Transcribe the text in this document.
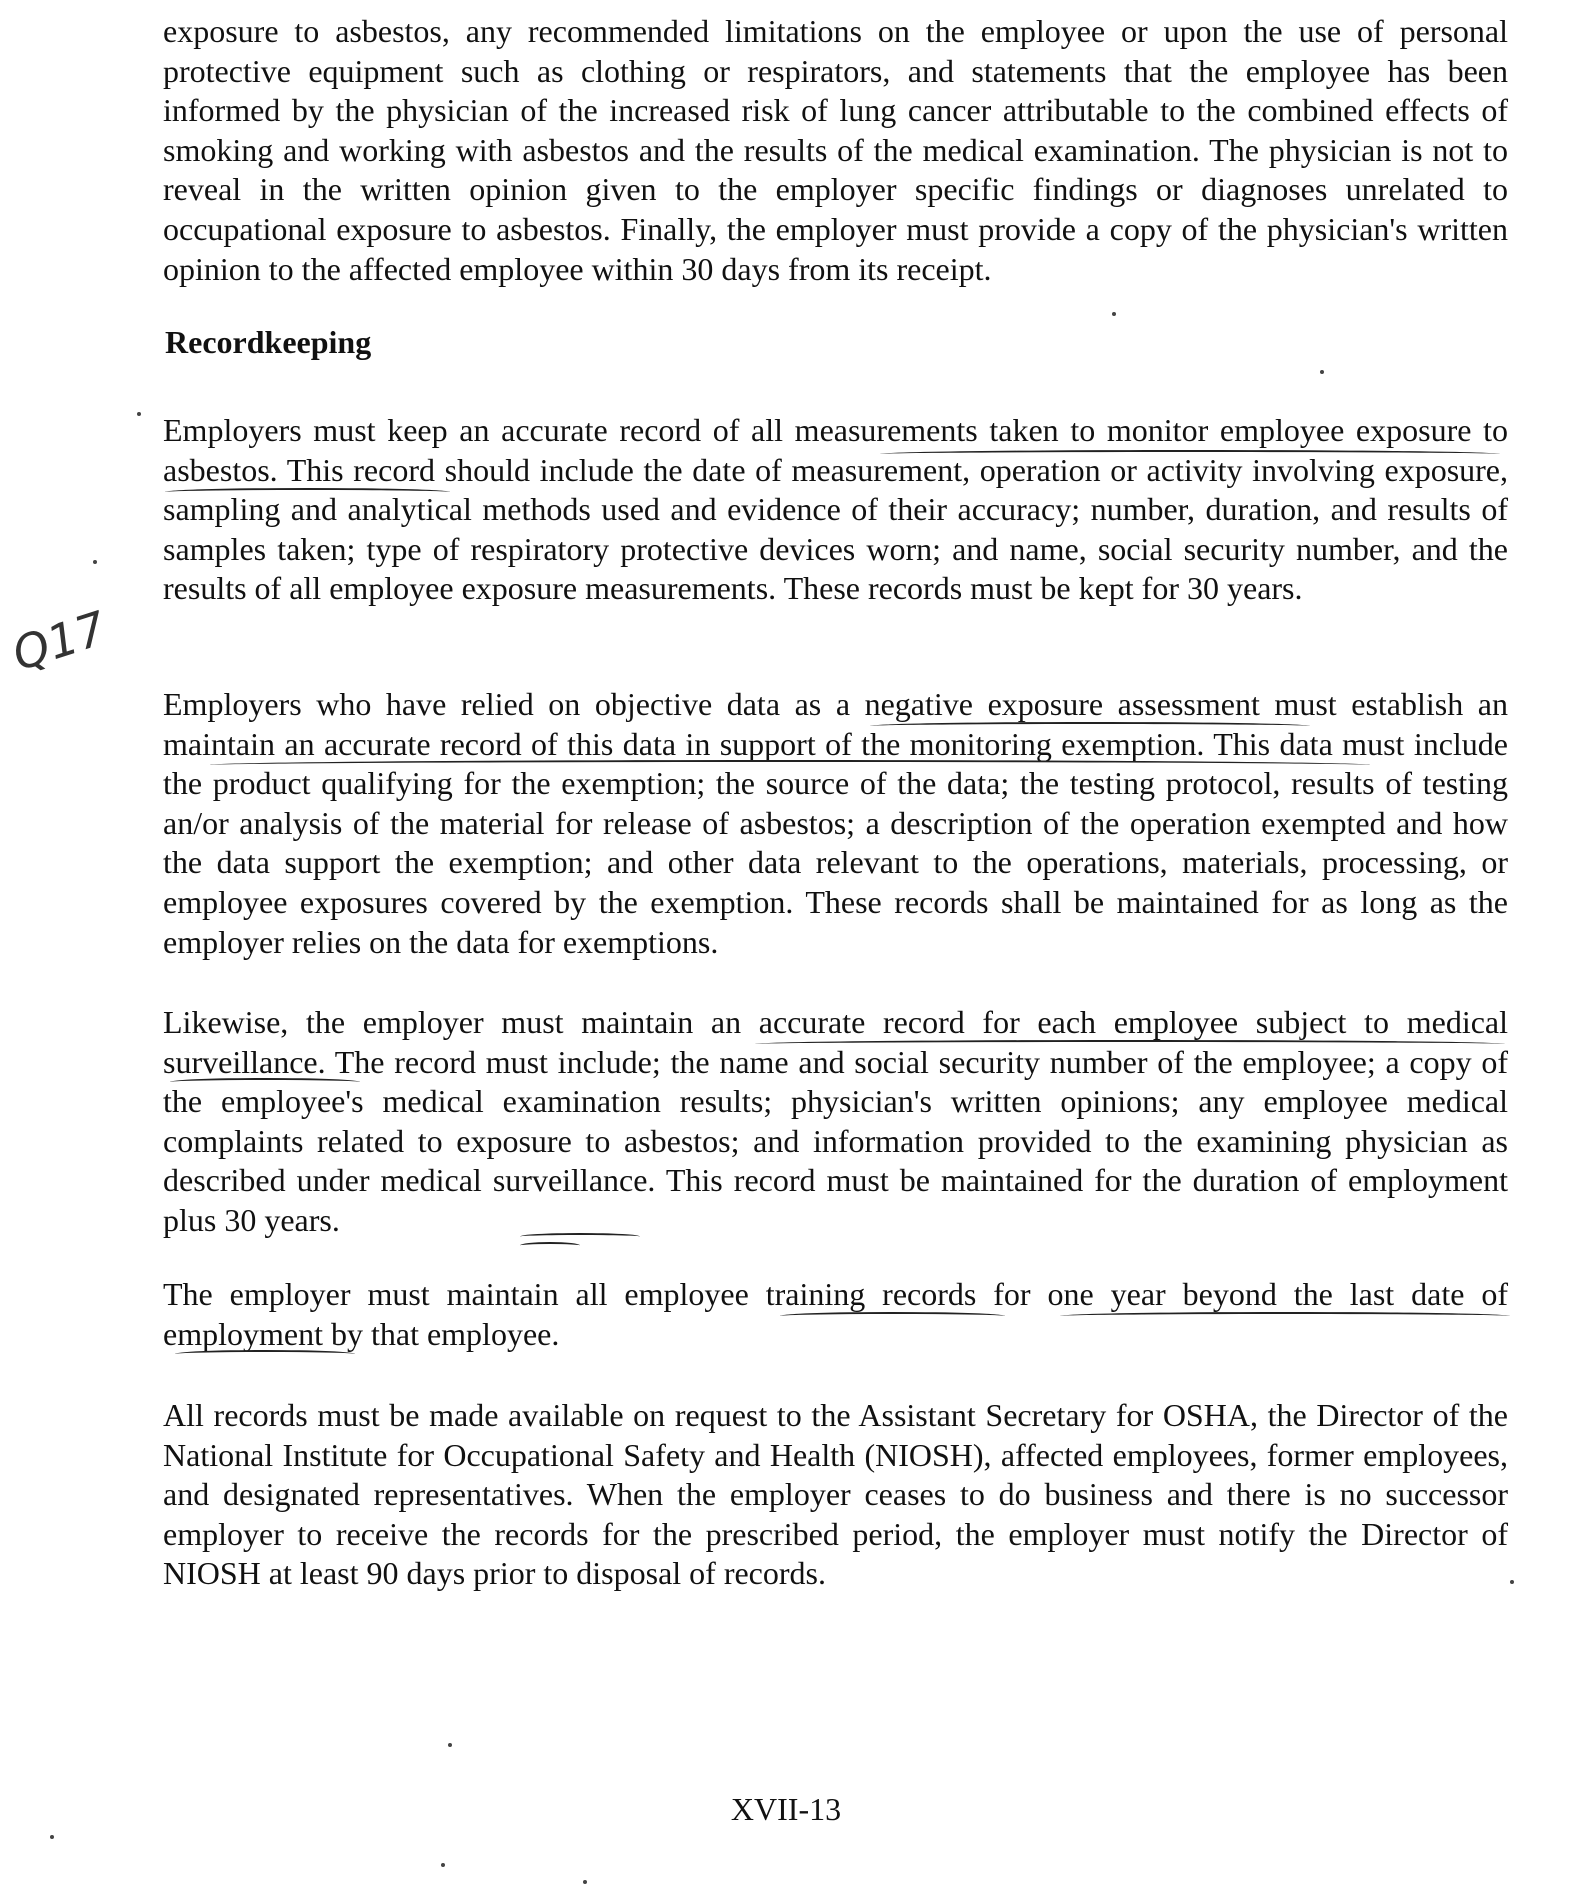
exposure to asbestos, any recommended limitations on the employee or upon the use of personal protective equipment such as clothing or respirators, and statements that the employee has been informed by the physician of the increased risk of lung cancer attributable to the combined effects of smoking and working with asbestos and the results of the medical examination. The physician is not to reveal in the written opinion given to the employer specific findings or diagnoses unrelated to occupational exposure to asbestos. Finally, the employer must provide a copy of the physician's written opinion to the affected employee within 30 days from its receipt.

Recordkeeping

Employers must keep an accurate record of all measurements taken to monitor employee exposure to asbestos. This record should include the date of measurement, operation or activity involving exposure, sampling and analytical methods used and evidence of their accuracy; number, duration, and results of samples taken; type of respiratory protective devices worn; and name, social security number, and the results of all employee exposure measurements. These records must be kept for 30 years.

Employers who have relied on objective data as a negative exposure assessment must establish an maintain an accurate record of this data in support of the monitoring exemption. This data must include the product qualifying for the exemption; the source of the data; the testing protocol, results of testing an/or analysis of the material for release of asbestos; a description of the operation exempted and how the data support the exemption; and other data relevant to the operations, materials, processing, or employee exposures covered by the exemption. These records shall be maintained for as long as the employer relies on the data for exemptions.

Likewise, the employer must maintain an accurate record for each employee subject to medical surveillance. The record must include; the name and social security number of the employee; a copy of the employee's medical examination results; physician's written opinions; any employee medical complaints related to exposure to asbestos; and information provided to the examining physician as described under medical surveillance. This record must be maintained for the duration of employment plus 30 years.

The employer must maintain all employee training records for one year beyond the last date of employment by that employee.

All records must be made available on request to the Assistant Secretary for OSHA, the Director of the National Institute for Occupational Safety and Health (NIOSH), affected employees, former employees, and designated representatives. When the employer ceases to do business and there is no successor employer to receive the records for the prescribed period, the employer must notify the Director of NIOSH at least 90 days prior to disposal of records.

Q17

XVII-13
